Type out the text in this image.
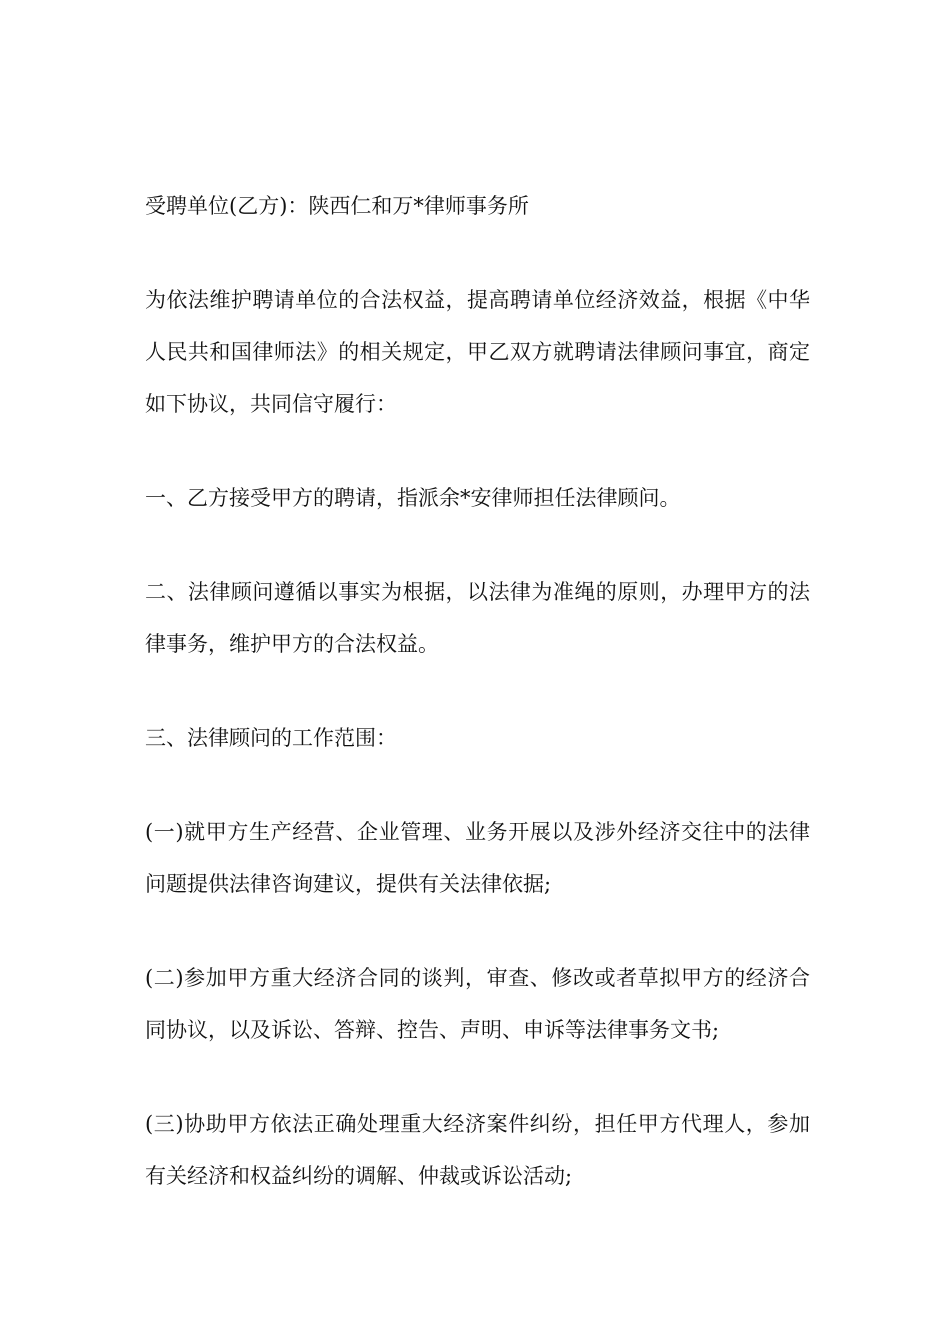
受聘单位(乙方)：陕西仁和万*律师事务所

为依法维护聘请单位的合法权益，提高聘请单位经济效益，根据《中华人民共和国律师法》的相关规定，甲乙双方就聘请法律顾问事宜，商定如下协议，共同信守履行：

一、乙方接受甲方的聘请，指派余*安律师担任法律顾问。

二、法律顾问遵循以事实为根据，以法律为准绳的原则，办理甲方的法律事务，维护甲方的合法权益。

三、法律顾问的工作范围：

(一)就甲方生产经营、企业管理、业务开展以及涉外经济交往中的法律问题提供法律咨询建议，提供有关法律依据;

(二)参加甲方重大经济合同的谈判，审查、修改或者草拟甲方的经济合同协议，以及诉讼、答辩、控告、声明、申诉等法律事务文书;

(三)协助甲方依法正确处理重大经济案件纠纷，担任甲方代理人，参加有关经济和权益纠纷的调解、仲裁或诉讼活动;
